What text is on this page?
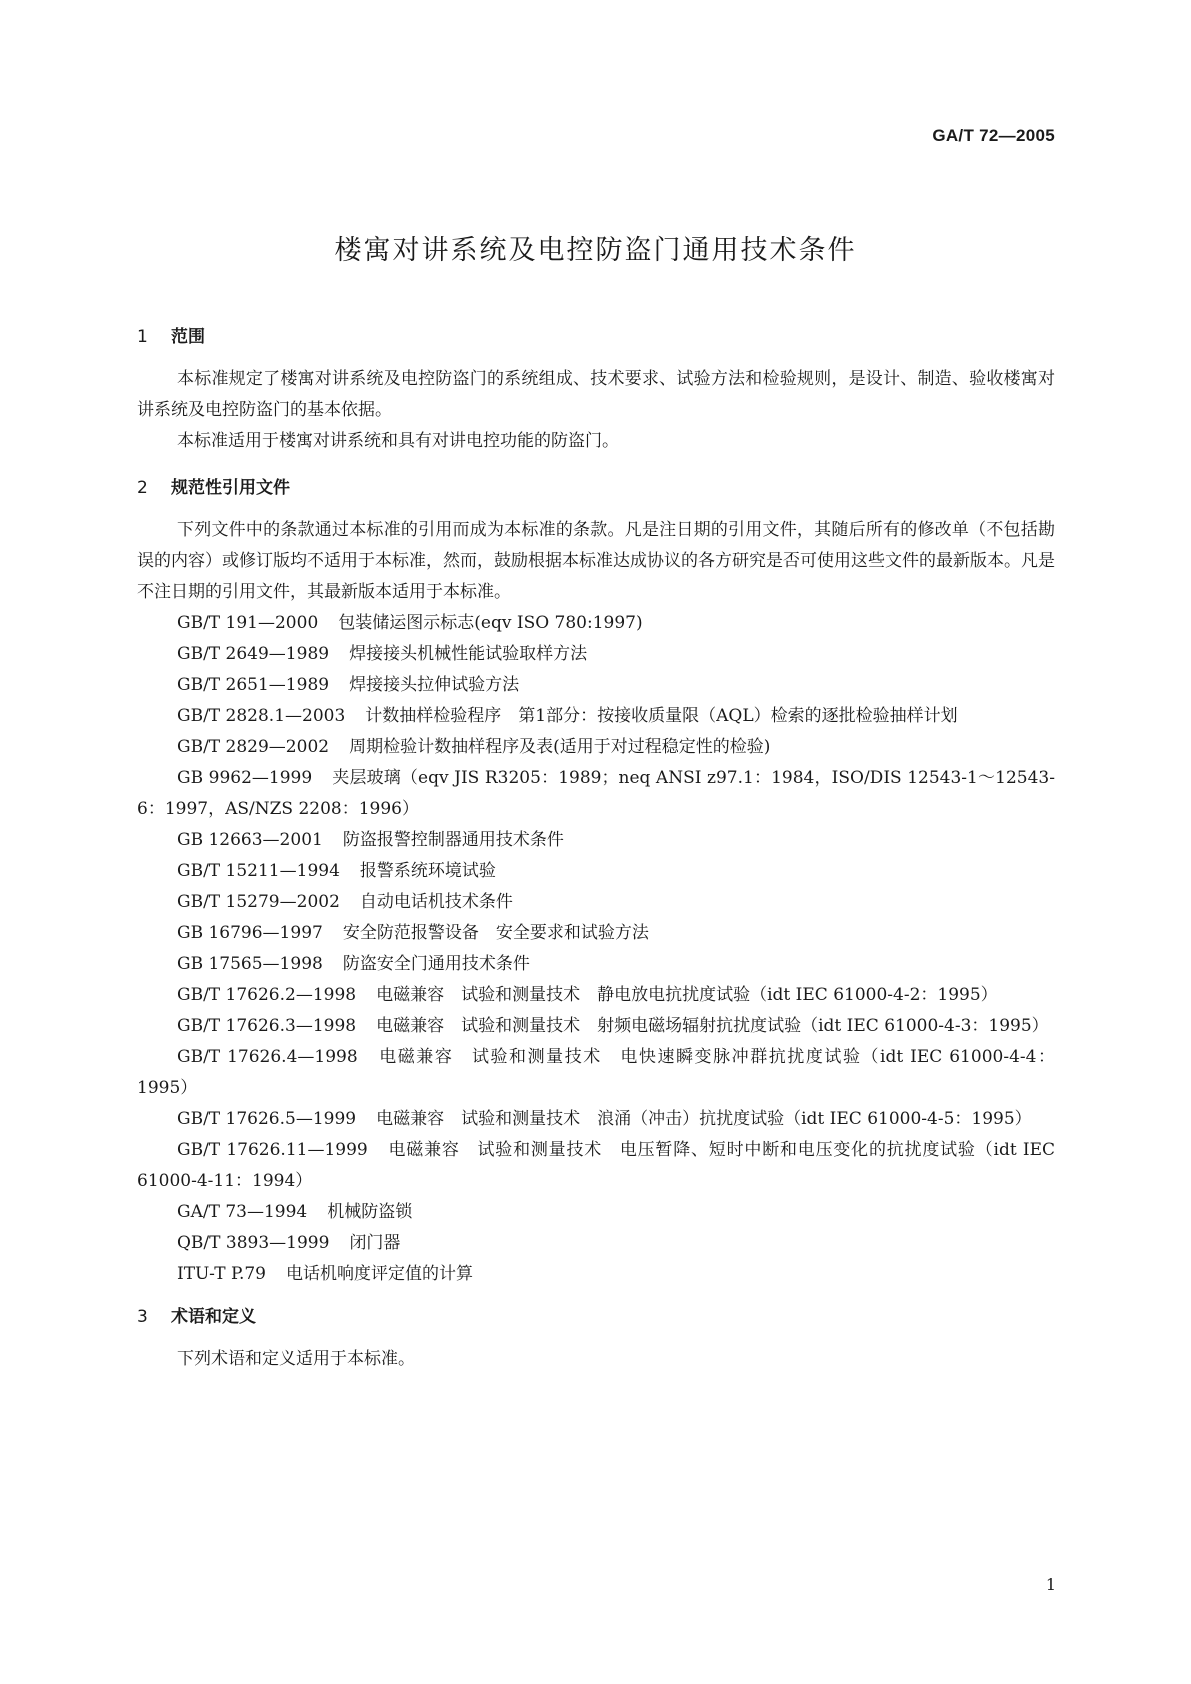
GA/T 72—2005
楼寓对讲系统及电控防盗门通用技术条件
1 范围

本标准规定了楼寓对讲系统及电控防盗门的系统组成、技术要求、试验方法和检验规则，是设计、制造、验收楼寓对讲系统及电控防盗门的基本依据。

本标准适用于楼寓对讲系统和具有对讲电控功能的防盗门。

2 规范性引用文件

下列文件中的条款通过本标准的引用而成为本标准的条款。凡是注日期的引用文件，其随后所有的修改单（不包括勘误的内容）或修订版均不适用于本标准，然而，鼓励根据本标准达成协议的各方研究是否可使用这些文件的最新版本。凡是不注日期的引用文件，其最新版本适用于本标准。

GB/T 191—2000 包装储运图示标志(eqv ISO 780:1997)
GB/T 2649—1989 焊接接头机械性能试验取样方法
GB/T 2651—1989 焊接接头拉伸试验方法
GB/T 2828.1—2003 计数抽样检验程序　第1部分：按接收质量限（AQL）检索的逐批检验抽样计划
GB/T 2829—2002 周期检验计数抽样程序及表(适用于对过程稳定性的检验)
GB 9962—1999 夹层玻璃（eqv JIS R3205：1989；neq ANSI z97.1：1984，ISO/DIS 12543-1～12543-6：1997，AS/NZS 2208：1996）
GB 12663—2001 防盗报警控制器通用技术条件
GB/T 15211—1994 报警系统环境试验
GB/T 15279—2002 自动电话机技术条件
GB 16796—1997 安全防范报警设备　安全要求和试验方法
GB 17565—1998 防盗安全门通用技术条件
GB/T 17626.2—1998 电磁兼容　试验和测量技术　静电放电抗扰度试验（idt IEC 61000-4-2：1995）
GB/T 17626.3—1998 电磁兼容　试验和测量技术　射频电磁场辐射抗扰度试验（idt IEC 61000-4-3：1995）
GB/T 17626.4—1998 电磁兼容　试验和测量技术　电快速瞬变脉冲群抗扰度试验（idt IEC 61000-4-4：1995）
GB/T 17626.5—1999 电磁兼容　试验和测量技术　浪涌（冲击）抗扰度试验（idt IEC 61000-4-5：1995）
GB/T 17626.11—1999 电磁兼容　试验和测量技术　电压暂降、短时中断和电压变化的抗扰度试验（idt IEC 61000-4-11：1994）
GA/T 73—1994 机械防盗锁
QB/T 3893—1999 闭门器
ITU-T P.79 电话机响度评定值的计算
3 术语和定义

下列术语和定义适用于本标准。

1
